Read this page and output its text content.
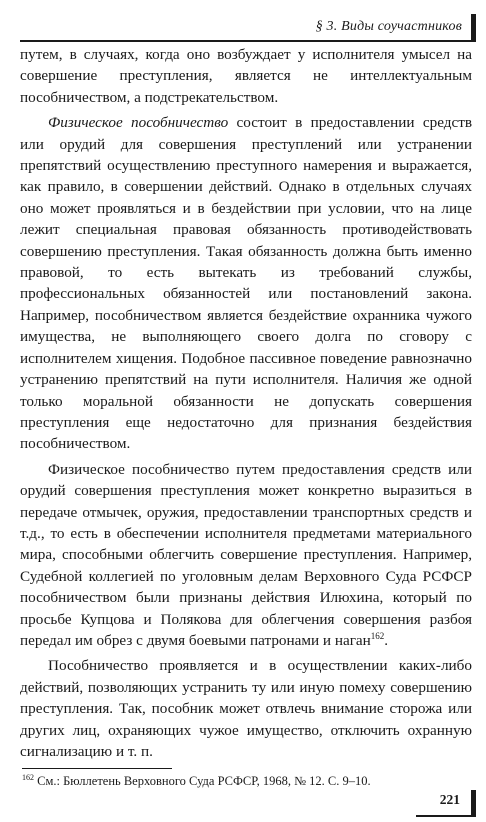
§ 3. Виды соучастников

путем, в случаях, когда оно возбуждает у исполнителя умысел на совершение преступления, является не интеллектуальным пособничеством, а подстрекательством.

Физическое пособничество состоит в предоставлении средств или орудий для совершения преступлений или устранении препятствий осуществлению преступного намерения и выражается, как правило, в совершении действий. Однако в отдельных случаях оно может проявляться и в бездействии при условии, что на лице лежит специальная правовая обязанность противодействовать совершению преступления. Такая обязанность должна быть именно правовой, то есть вытекать из требований службы, профессиональных обязанностей или постановлений закона. Например, пособничеством является бездействие охранника чужого имущества, не выполняющего своего долга по сговору с исполнителем хищения. Подобное пассивное поведение равнозначно устранению препятствий на пути исполнителя. Наличия же одной только моральной обязанности не допускать совершения преступления еще недостаточно для признания бездействия пособничеством.

Физическое пособничество путем предоставления средств или орудий совершения преступления может конкретно выразиться в передаче отмычек, оружия, предоставлении транспортных средств и т.д., то есть в обеспечении исполнителя предметами материального мира, способными облегчить совершение преступления. Например, Судебной коллегией по уголовным делам Верховного Суда РСФСР пособничеством были признаны действия Илюхина, который по просьбе Купцова и Полякова для облегчения совершения разбоя передал им обрез с двумя боевыми патронами и наган$^{162}$.

Пособничество проявляется и в осуществлении каких-либо действий, позволяющих устранить ту или иную помеху совершению преступления. Так, пособник может отвлечь внимание сторожа или других лиц, охраняющих чужое имущество, отключить охранную сигнализацию и т. п.

$^{162}$ См.: Бюллетень Верховного Суда РСФСР, 1968, № 12. С. 9–10.
221
